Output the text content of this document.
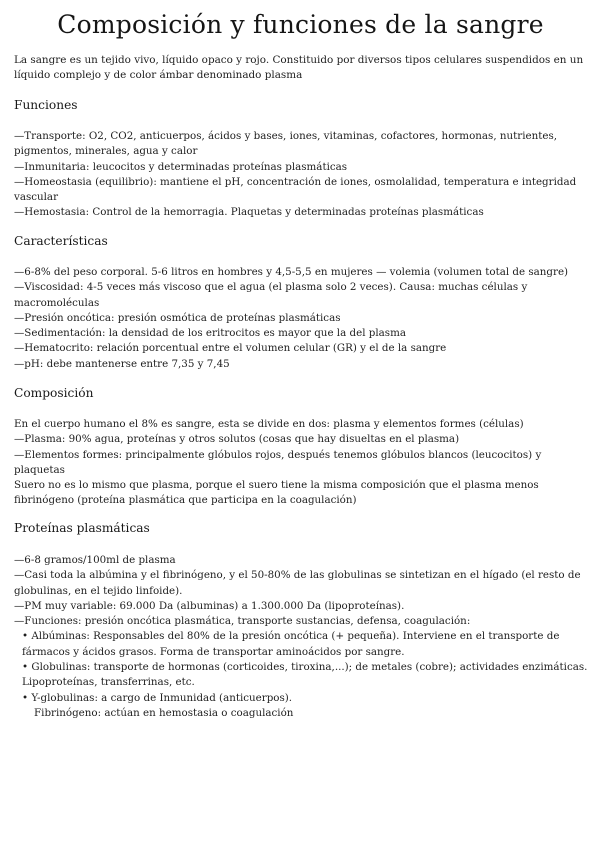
Composición y funciones de la sangre

La sangre es un tejido vivo, líquido opaco y rojo. Constituido por diversos tipos celulares suspendidos en un líquido complejo y de color ámbar denominado plasma

Funciones
—Transporte: O2, CO2, anticuerpos, ácidos y bases, iones, vitaminas, cofactores, hormonas, nutrientes, pigmentos, minerales, agua y calor
—Inmunitaria: leucocitos y determinadas proteínas plasmáticas
—Homeostasia (equilibrio): mantiene el pH, concentración de iones, osmolalidad, temperatura e integridad vascular
—Hemostasia: Control de la hemorragia. Plaquetas y determinadas proteínas plasmáticas
Características
—6-8% del peso corporal. 5-6 litros en hombres y 4,5-5,5 en mujeres — volemia (volumen total de sangre)
—Viscosidad: 4-5 veces más viscoso que el agua (el plasma solo 2 veces). Causa: muchas células y macromoléculas
—Presión oncótica: presión osmótica de proteínas plasmáticas
—Sedimentación: la densidad de los eritrocitos es mayor que la del plasma
—Hematocrito: relación porcentual entre el volumen celular (GR) y el de la sangre
—pH: debe mantenerse entre 7,35 y 7,45
Composición
En el cuerpo humano el 8% es sangre, esta se divide en dos: plasma y elementos formes (células)
—Plasma: 90% agua, proteínas y otros solutos (cosas que hay disueltas en el plasma)
—Elementos formes: principalmente glóbulos rojos, después tenemos glóbulos blancos (leucocitos) y plaquetas
Suero no es lo mismo que plasma, porque el suero tiene la misma composición que el plasma menos fibrinógeno (proteína plasmática que participa en la coagulación)
Proteínas plasmáticas
—6-8 gramos/100ml de plasma
—Casi toda la albúmina y el fibrinógeno, y el 50-80% de las globulinas se sintetizan en el hígado (el resto de globulinas, en el tejido linfoide).
—PM muy variable: 69.000 Da (albuminas) a 1.300.000 Da (lipoproteínas).
—Funciones: presión oncótica plasmática, transporte sustancias, defensa, coagulación:
• Albúminas: Responsables del 80% de la presión oncótica (+ pequeña). Interviene en el transporte de fármacos y ácidos grasos. Forma de transportar aminoácidos por sangre.
• Globulinas: transporte de hormonas (corticoides, tiroxina,...); de metales (cobre); actividades enzimáticas. Lipoproteínas, transferrinas, etc.
• Y-globulinas: a cargo de Inmunidad (anticuerpos).
Fibrinógeno: actúan en hemostasia o coagulación
